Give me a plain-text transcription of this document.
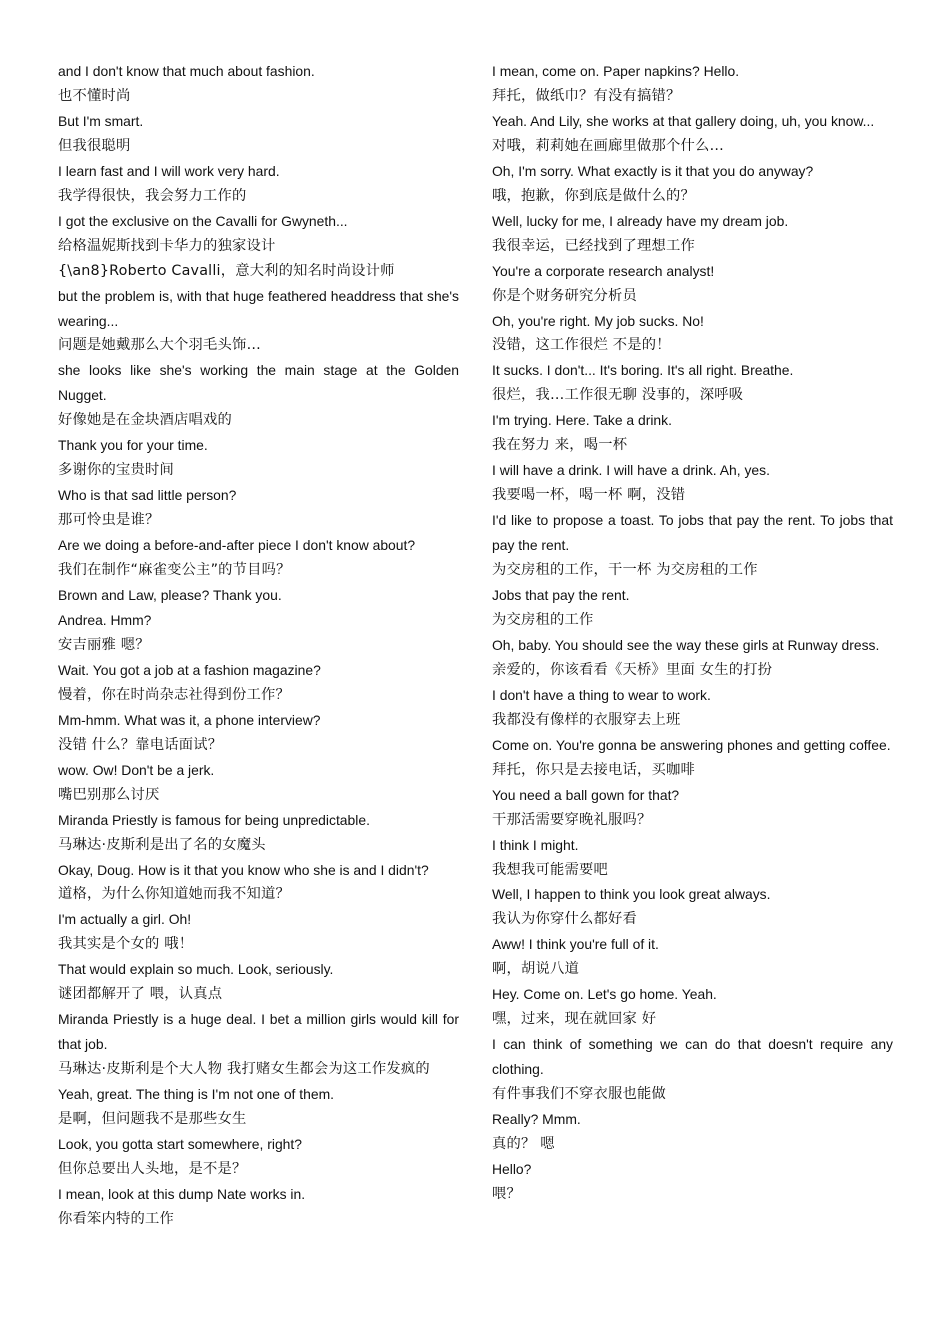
and I don't know that much about fashion.
也不懂时尚
But I'm smart.
但我很聪明
I learn fast and I will work very hard.
我学得很快，我会努力工作的
I got the exclusive on the Cavalli for Gwyneth...
给格温妮斯找到卡华力的独家设计
{\an8}Roberto Cavalli，意大利的知名时尚设计师
but the problem is, with that huge feathered headdress that she's wearing...
问题是她戴那么大个羽毛头饰…
she looks like she's working the main stage at the Golden Nugget.
好像她是在金块酒店唱戏的
Thank you for your time.
多谢你的宝贵时间
Who is that sad little person?
那可怜虫是谁？
Are we doing a before-and-after piece I don't know about?
我们在制作“麻雀变公主”的节目吗？
Brown and Law, please? Thank you.
Andrea. Hmm?
安吉丽雅 嗯？
Wait. You got a job at a fashion magazine?
慢着，你在时尚杂志社得到份工作？
Mm-hmm. What was it, a phone interview?
没错 什么？靠电话面试？
wow. Ow! Don't be a jerk.
嘴巴别那么讨厌
Miranda Priestly is famous for being unpredictable.
马琳达·皮斯利是出了名的女魔头
Okay, Doug. How is it that you know who she is and I didn't?
道格，为什么你知道她而我不知道？
I'm actually a girl. Oh!
我其实是个女的 哦！
That would explain so much. Look, seriously.
谜团都解开了 喂，认真点
Miranda Priestly is a huge deal. I bet a million girls would kill for that job.
马琳达·皮斯利是个大人物 我打赌女生都会为这工作发疯的
Yeah, great. The thing is I'm not one of them.
是啊，但问题我不是那些女生
Look, you gotta start somewhere, right?
但你总要出人头地，是不是？
I mean, look at this dump Nate works in.
你看笨内特的工作
I mean, come on. Paper napkins? Hello.
拜托，做纸巾？有没有搞错？
Yeah. And Lily, she works at that gallery doing, uh, you know...
对哦，莉莉她在画廊里做那个什么…
Oh, I'm sorry. What exactly is it that you do anyway?
哦，抱歉，你到底是做什么的？
Well, lucky for me, I already have my dream job.
我很幸运，已经找到了理想工作
You're a corporate research analyst!
你是个财务研究分析员
Oh, you're right. My job sucks. No!
没错，这工作很烂 不是的！
It sucks. I don't... It's boring. It's all right. Breathe.
很烂，我…工作很无聊 没事的，深呼吸
I'm trying. Here. Take a drink.
我在努力 来，喝一杯
I will have a drink. I will have a drink. Ah, yes.
我要喝一杯，喝一杯 啊，没错
I'd like to propose a toast. To jobs that pay the rent. To jobs that pay the rent.
为交房租的工作，干一杯 为交房租的工作
Jobs that pay the rent.
为交房租的工作
Oh, baby. You should see the way these girls at Runway dress.
亲爱的，你该看看《天桥》里面 女生的打扮
I don't have a thing to wear to work.
我都没有像样的衣服穿去上班
Come on. You're gonna be answering phones and getting coffee.
拜托，你只是去接电话，买咖啡
You need a ball gown for that?
干那活需要穿晚礼服吗？
I think I might.
我想我可能需要吧
Well, I happen to think you look great always.
我认为你穿什么都好看
Aww! I think you're full of it.
啊，胡说八道
Hey. Come on. Let's go home. Yeah.
嘿，过来，现在就回家 好
I can think of something we can do that doesn't require any clothing.
有件事我们不穿衣服也能做
Really? Mmm.
真的？ 嗯
Hello?
喂？
